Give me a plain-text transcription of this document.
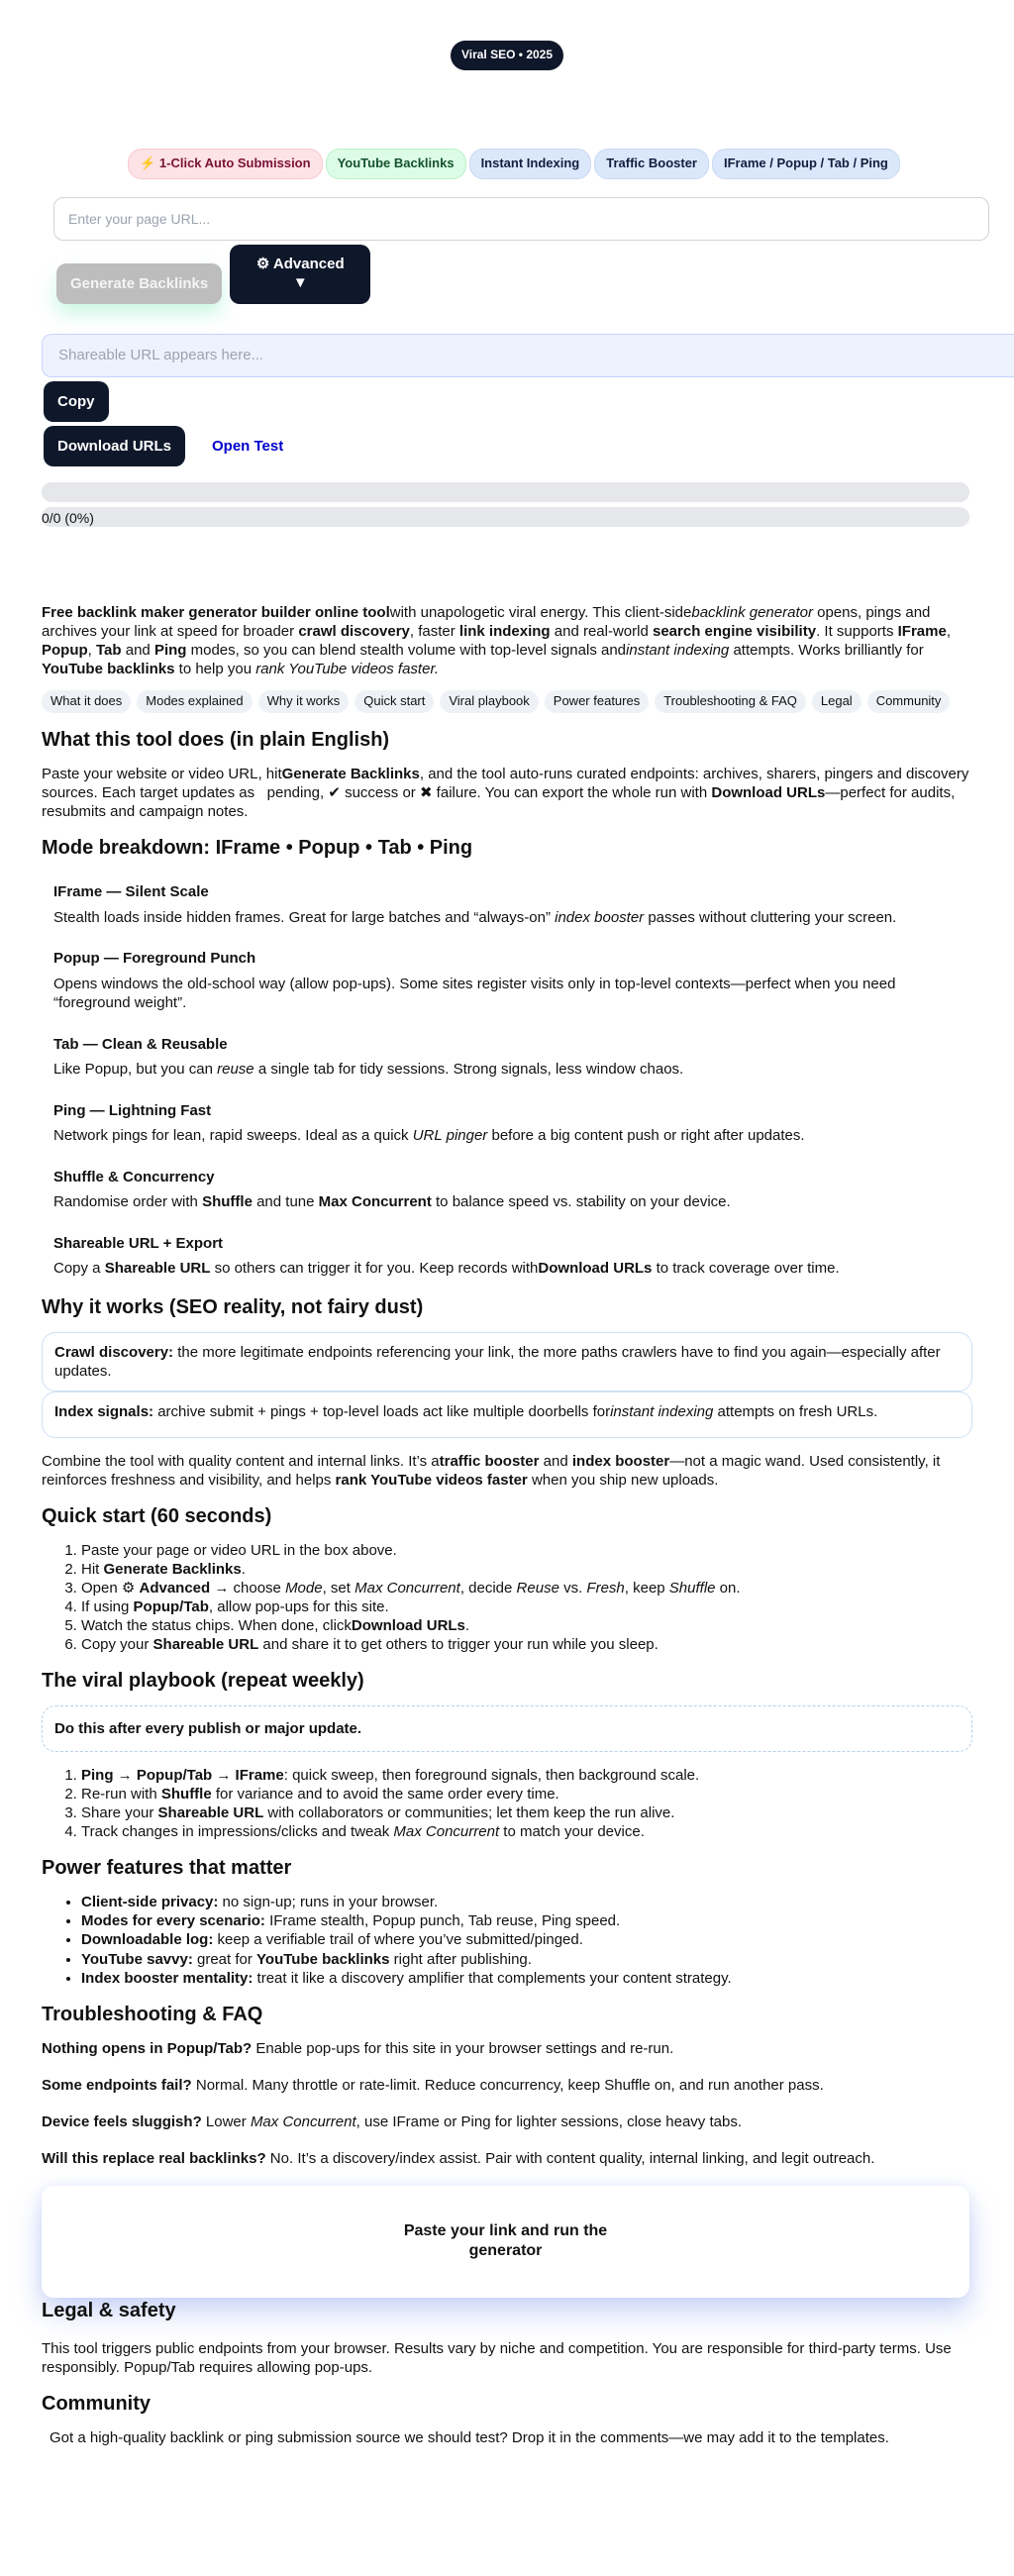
Viral SEO • 2025
⚡ 1-Click Auto Submission	YouTube Backlinks	Instant Indexing	Traffic Booster	IFrame / Popup / Tab / Ping
Enter your page URL...
Generate Backlinks
⚙ Advanced
▼
Shareable URL appears here...
Copy
Download URLs	Open Test
0/0 (0%)

Free backlink maker generator builder online toolwith unapologetic viral energy. This client-sidebacklink generator opens, pings and archives your link at speed for broader crawl discovery, faster link indexing and real-world search engine visibility. It supports IFrame, Popup, Tab and Ping modes, so you can blend stealth volume with top-level signals andinstant indexing attempts. Works brilliantly for YouTube backlinks to help you rank YouTube videos faster.

What it does	Modes explained	Why it works	Quick start	Viral playbook	Power features	Troubleshooting & FAQ	Legal	Community
What this tool does (in plain English)

Paste your website or video URL, hitGenerate Backlinks, and the tool auto-runs curated endpoints: archives, sharers, pingers and discovery sources. Each target updates as   pending, ✔ success or ✖ failure. You can export the whole run with Download URLs—perfect for audits, resubmits and campaign notes.

Mode breakdown: IFrame • Popup • Tab • Ping
IFrame — Silent Scale

Stealth loads inside hidden frames. Great for large batches and “always-on” index booster passes without cluttering your screen.

Popup — Foreground Punch

Opens windows the old-school way (allow pop-ups). Some sites register visits only in top-level contexts—perfect when you need “foreground weight”.

Tab — Clean & Reusable

Like Popup, but you can reuse a single tab for tidy sessions. Strong signals, less window chaos.

Ping — Lightning Fast

Network pings for lean, rapid sweeps. Ideal as a quick URL pinger before a big content push or right after updates.

Shuffle & Concurrency

Randomise order with Shuffle and tune Max Concurrent to balance speed vs. stability on your device.

Shareable URL + Export

Copy a Shareable URL so others can trigger it for you. Keep records withDownload URLs to track coverage over time.

Why it works (SEO reality, not fairy dust)
Crawl discovery: the more legitimate endpoints referencing your link, the more paths crawlers have to find you again—especially after updates.
Index signals: archive submit + pings + top-level loads act like multiple doorbells forinstant indexing attempts on fresh URLs.

Combine the tool with quality content and internal links. It’s atraffic booster and index booster—not a magic wand. Used consistently, it reinforces freshness and visibility, and helps rank YouTube videos faster when you ship new uploads.

Quick start (60 seconds)
1. Paste your page or video URL in the box above.
2. Hit Generate Backlinks.
3. Open ⚙ Advanced → choose Mode, set Max Concurrent, decide Reuse vs. Fresh, keep Shuffle on.
4. If using Popup/Tab, allow pop-ups for this site.
5. Watch the status chips. When done, clickDownload URLs.
6. Copy your Shareable URL and share it to get others to trigger your run while you sleep.
The viral playbook (repeat weekly)
Do this after every publish or major update.
1. Ping → Popup/Tab → IFrame: quick sweep, then foreground signals, then background scale.
2. Re-run with Shuffle for variance and to avoid the same order every time.
3. Share your Shareable URL with collaborators or communities; let them keep the run alive.
4. Track changes in impressions/clicks and tweak Max Concurrent to match your device.
Power features that matter
• Client-side privacy: no sign-up; runs in your browser.
• Modes for every scenario: IFrame stealth, Popup punch, Tab reuse, Ping speed.
• Downloadable log: keep a verifiable trail of where you’ve submitted/pinged.
• YouTube savvy: great for YouTube backlinks right after publishing.
• Index booster mentality: treat it like a discovery amplifier that complements your content strategy.
Troubleshooting & FAQ

Nothing opens in Popup/Tab? Enable pop-ups for this site in your browser settings and re-run.

Some endpoints fail? Normal. Many throttle or rate-limit. Reduce concurrency, keep Shuffle on, and run another pass.

Device feels sluggish? Lower Max Concurrent, use IFrame or Ping for lighter sessions, close heavy tabs.

Will this replace real backlinks? No. It’s a discovery/index assist. Pair with content quality, internal linking, and legit outreach.

Paste your link and run the generator
Legal & safety

This tool triggers public endpoints from your browser. Results vary by niche and competition. You are responsible for third-party terms. Use responsibly. Popup/Tab requires allowing pop-ups.

Community

Got a high-quality backlink or ping submission source we should test? Drop it in the comments—we may add it to the templates.
